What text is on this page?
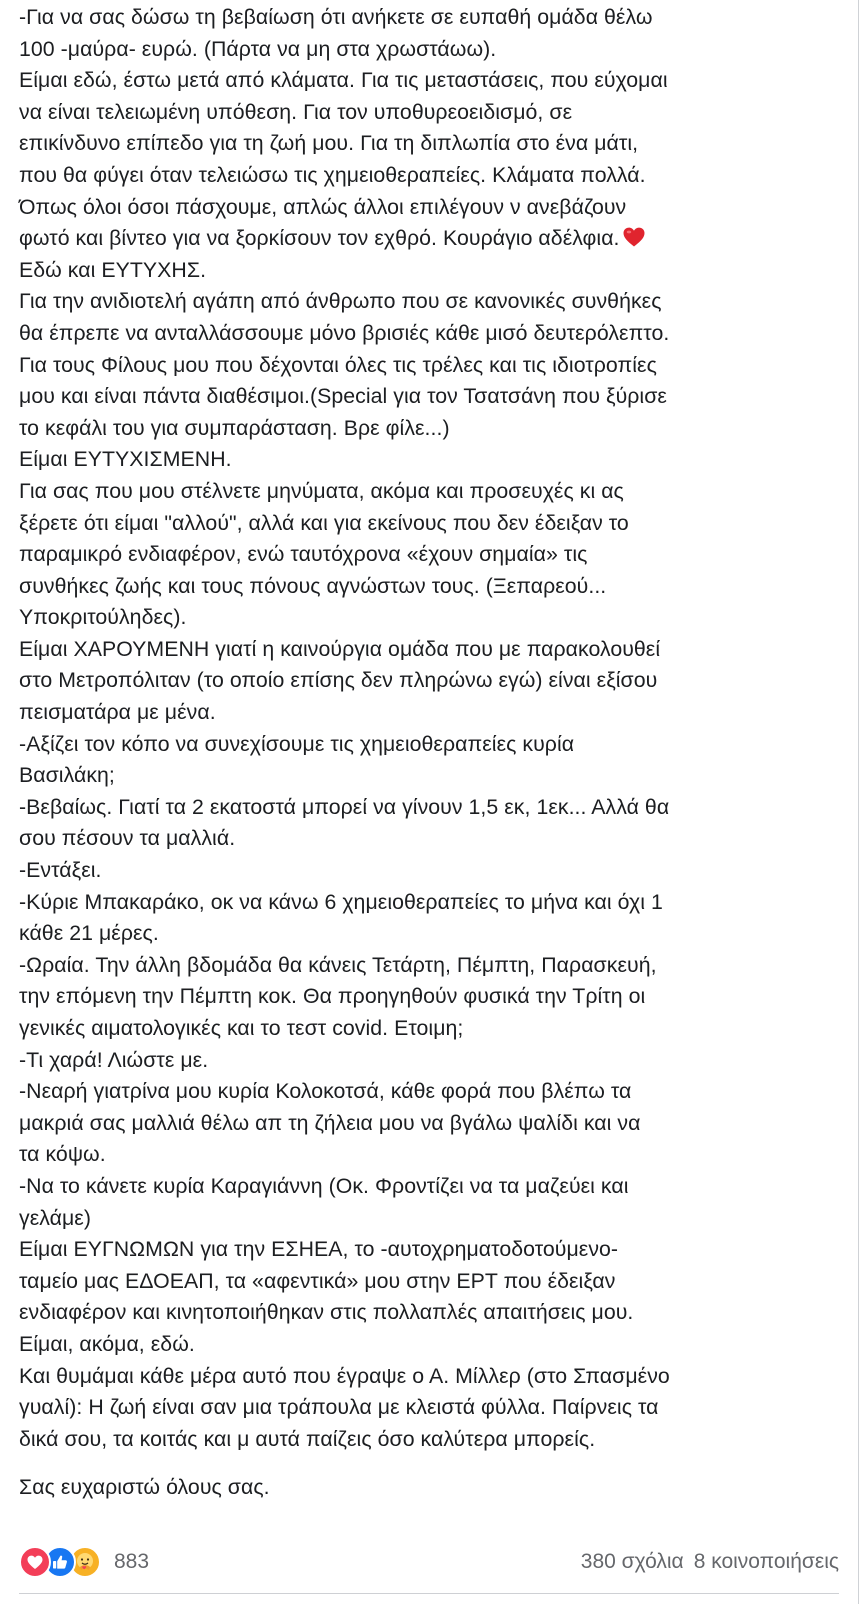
-Για να σας δώσω τη βεβαίωση ότι ανήκετε σε ευπαθή ομάδα θέλω
100 -μαύρα- ευρώ. (Πάρτα να μη στα χρωστάωω).
Είμαι εδώ, έστω μετά από κλάματα. Για τις μεταστάσεις, που εύχομαι
να είναι τελειωμένη υπόθεση. Για τον υποθυρεοειδισμό, σε
επικίνδυνο επίπεδο για τη ζωή μου. Για τη διπλωπία στο ένα μάτι,
που θα φύγει όταν τελειώσω τις χημειοθεραπείες. Κλάματα πολλά.
Όπως όλοι όσοι πάσχουμε, απλώς άλλοι επιλέγουν ν ανεβάζουν
φωτό και βίντεο για να ξορκίσουν τον εχθρό. Κουράγιο αδέλφια.
Εδώ και ΕΥΤΥΧΗΣ.
Για την ανιδιοτελή αγάπη από άνθρωπο που σε κανονικές συνθήκες
θα έπρεπε να ανταλλάσσουμε μόνο βρισιές κάθε μισό δευτερόλεπτο.
Για τους Φίλους μου που δέχονται όλες τις τρέλες και τις ιδιοτροπίες
μου και είναι πάντα διαθέσιμοι.(Special για τον Τσατσάνη που ξύρισε
το κεφάλι του για συμπαράσταση. Βρε φίλε...)
Είμαι ΕΥΤΥΧΙΣΜΕΝΗ.
Για σας που μου στέλνετε μηνύματα, ακόμα και προσευχές κι ας
ξέρετε ότι είμαι "αλλού", αλλά και για εκείνους που δεν έδειξαν το
παραμικρό ενδιαφέρον, ενώ ταυτόχρονα «έχουν σημαία» τις
συνθήκες ζωής και τους πόνους αγνώστων τους. (Ξεπαρεού...
Υποκριτούληδες).
Είμαι ΧΑΡΟΥΜΕΝΗ γιατί η καινούργια ομάδα που με παρακολουθεί
στο Μετροπόλιταν (το οποίο επίσης δεν πληρώνω εγώ) είναι εξίσου
πεισματάρα με μένα.
-Αξίζει τον κόπο να συνεχίσουμε τις χημειοθεραπείες κυρία
Βασιλάκη;
-Βεβαίως. Γιατί τα 2 εκατοστά μπορεί να γίνουν 1,5 εκ, 1εκ... Αλλά θα
σου πέσουν τα μαλλιά.
-Εντάξει.
-Κύριε Μπακαράκο, οκ να κάνω 6 χημειοθεραπείες το μήνα και όχι 1
κάθε 21 μέρες.
-Ωραία. Την άλλη βδομάδα θα κάνεις Τετάρτη, Πέμπτη, Παρασκευή,
την επόμενη την Πέμπτη κοκ. Θα προηγηθούν φυσικά την Τρίτη οι
γενικές αιματολογικές και το τεστ covid. Ετοιμη;
-Τι χαρά! Λιώστε με.
-Νεαρή γιατρίνα μου κυρία Κολοκοτσά, κάθε φορά που βλέπω τα
μακριά σας μαλλιά θέλω απ τη ζήλεια μου να βγάλω ψαλίδι και να
τα κόψω.
-Να το κάνετε κυρία Καραγιάννη (Οκ. Φροντίζει να τα μαζεύει και
γελάμε)
Είμαι ΕΥΓΝΩΜΩΝ για την ΕΣΗΕΑ, το -αυτοχρηματοδοτούμενο-
ταμείο μας ΕΔΟΕΑΠ, τα «αφεντικά» μου στην ΕΡΤ που έδειξαν
ενδιαφέρον και κινητοποιήθηκαν στις πολλαπλές απαιτήσεις μου.
Είμαι, ακόμα, εδώ.
Και θυμάμαι κάθε μέρα αυτό που έγραψε ο Α. Μίλλερ (στο Σπασμένο
γυαλί): Η ζωή είναι σαν μια τράπουλα με κλειστά φύλλα. Παίρνεις τα
δικά σου, τα κοιτάς και μ αυτά παίζεις όσο καλύτερα μπορείς.
Σας ευχαριστώ όλους σας.
883	380 σχόλια 8 κοινοποιήσεις
